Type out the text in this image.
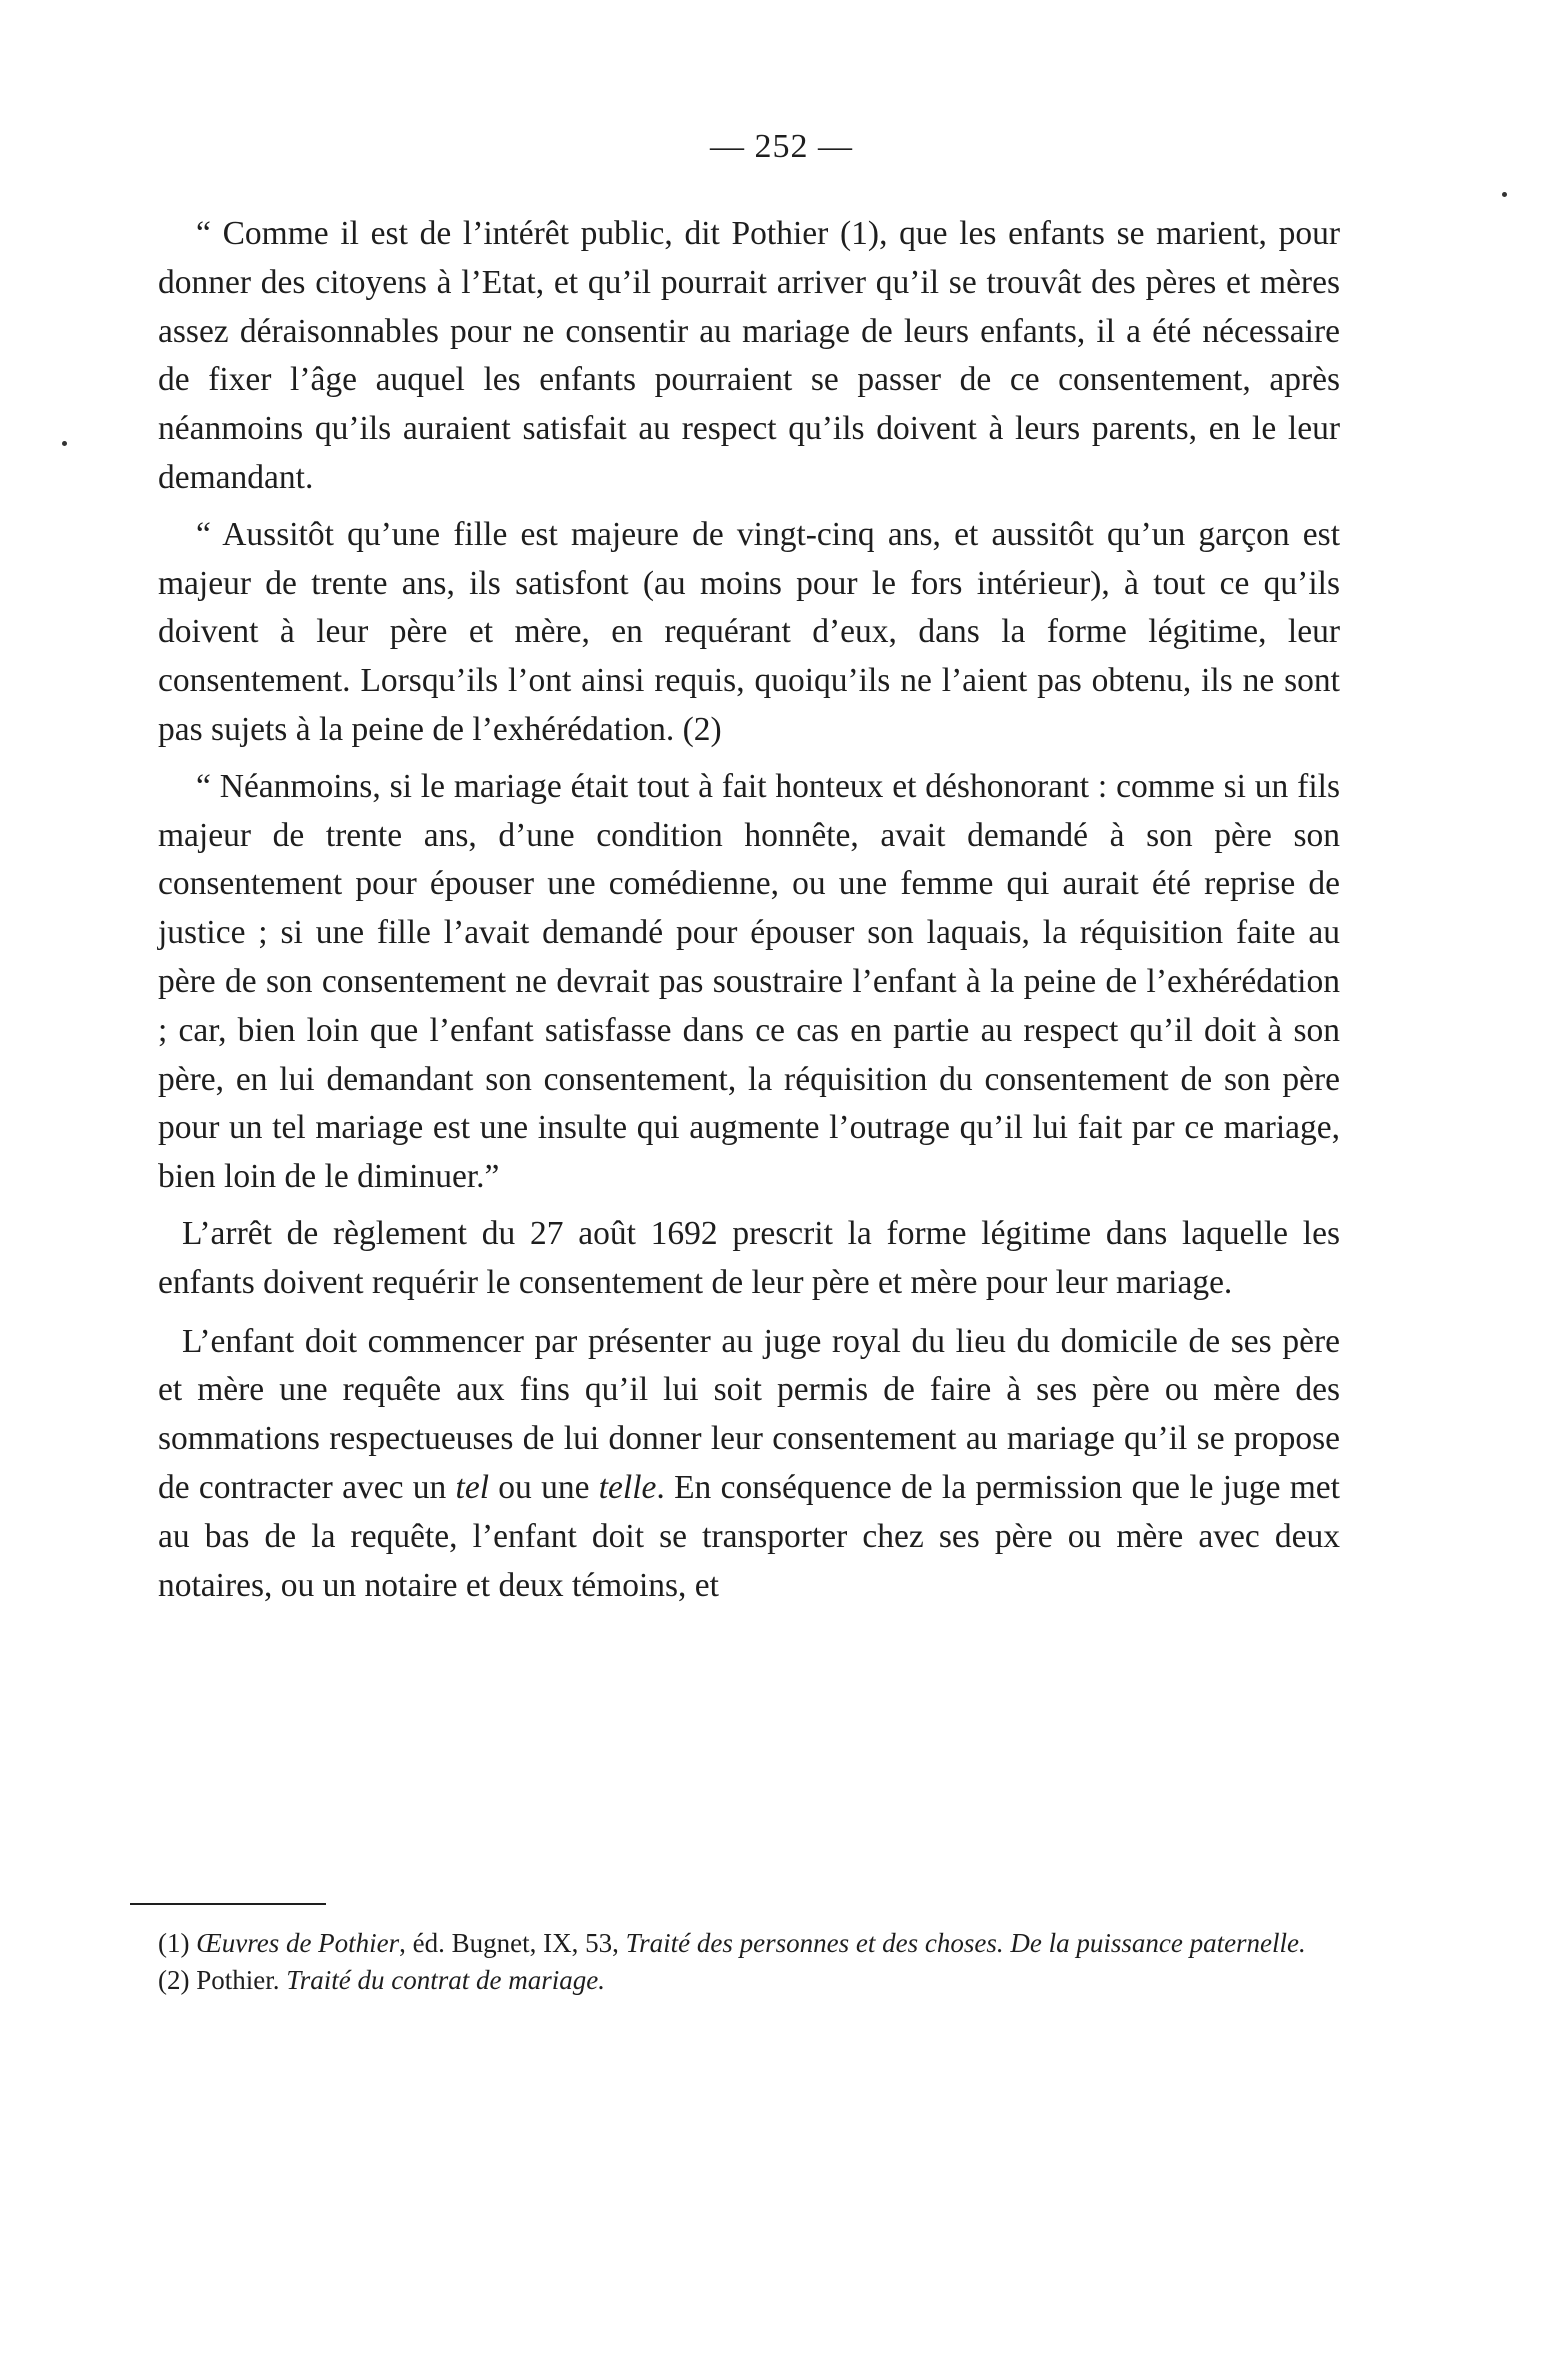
— 252 —

“ Comme il est de l’intérêt public, dit Pothier (1), que les enfants se marient, pour donner des citoyens à l’Etat, et qu’il pourrait arriver qu’il se trouvât des pères et mères assez déraisonnables pour ne consentir au mariage de leurs enfants, il a été nécessaire de fixer l’âge auquel les enfants pourraient se passer de ce consentement, après néanmoins qu’ils auraient satisfait au respect qu’ils doivent à leurs parents, en le leur demandant.

“ Aussitôt qu’une fille est majeure de vingt-cinq ans, et aussitôt qu’un garçon est majeur de trente ans, ils satisfont (au moins pour le fors intérieur), à tout ce qu’ils doivent à leur père et mère, en requérant d’eux, dans la forme légitime, leur consentement. Lorsqu’ils l’ont ainsi requis, quoiqu’ils ne l’aient pas obtenu, ils ne sont pas sujets à la peine de l’exhérédation. (2)

“ Néanmoins, si le mariage était tout à fait honteux et déshonorant : comme si un fils majeur de trente ans, d’une condition honnête, avait demandé à son père son consentement pour épouser une comédienne, ou une femme qui aurait été reprise de justice ; si une fille l’avait demandé pour épouser son laquais, la réquisition faite au père de son consentement ne devrait pas soustraire l’enfant à la peine de l’exhérédation ; car, bien loin que l’enfant satisfasse dans ce cas en partie au respect qu’il doit à son père, en lui demandant son consentement, la réquisition du consentement de son père pour un tel mariage est une insulte qui augmente l’outrage qu’il lui fait par ce mariage, bien loin de le diminuer.”

L’arrêt de règlement du 27 août 1692 prescrit la forme légitime dans laquelle les enfants doivent requérir le consentement de leur père et mère pour leur mariage.

L’enfant doit commencer par présenter au juge royal du lieu du domicile de ses père et mère une requête aux fins qu’il lui soit permis de faire à ses père ou mère des sommations respectueuses de lui donner leur consentement au mariage qu’il se propose de contracter avec un tel ou une telle. En conséquence de la permission que le juge met au bas de la requête, l’enfant doit se transporter chez ses père ou mère avec deux notaires, ou un notaire et deux témoins, et

(1) Œuvres de Pothier, éd. Bugnet, IX, 53, Traité des personnes et des choses. De la puissance paternelle.

(2) Pothier. Traité du contrat de mariage.
